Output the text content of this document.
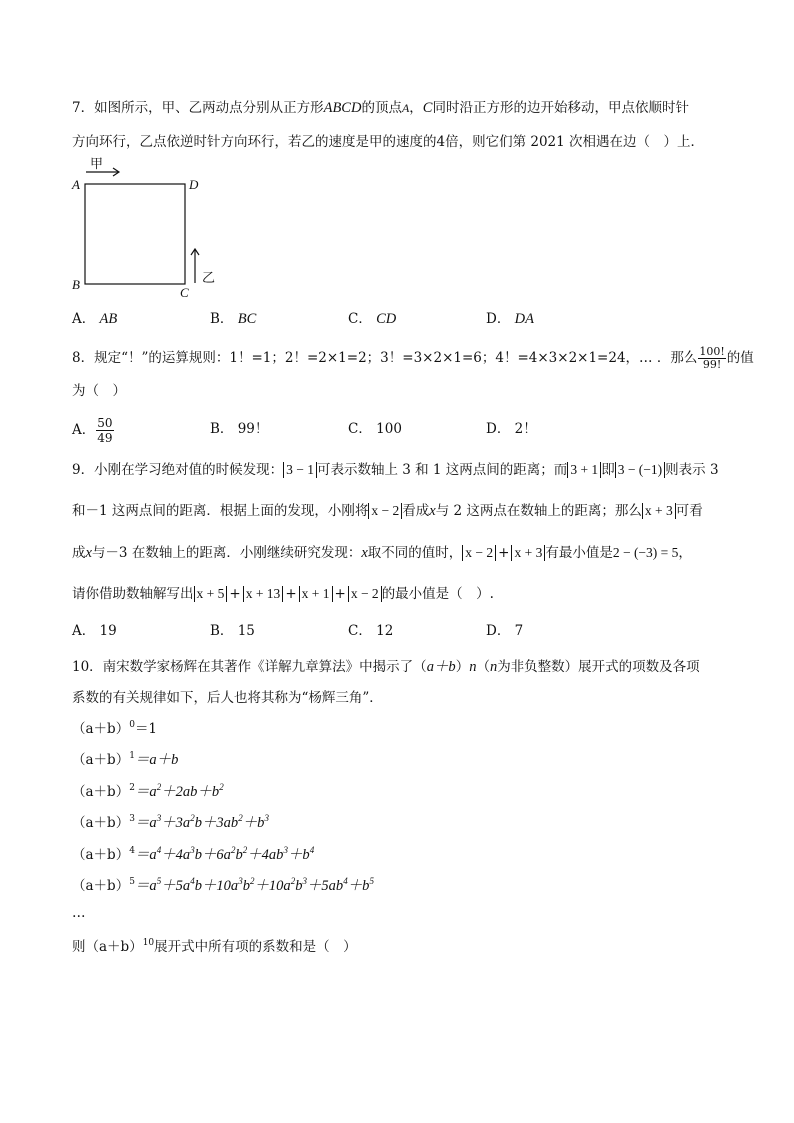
7．如图所示，甲、乙两动点分别从正方形ABCD的顶点A，C同时沿正方形的边开始移动，甲点依顺时针
方向环行，乙点依逆时针方向环行，若乙的速度是甲的速度的4倍，则它们第 2021 次相遇在边（　）上．
甲
乙
A	D
B
C
A． AB	B． BC	C． CD	D． DA
8．规定“！”的运算规则：1！=1；2！=2×1=2；3！=3×2×1=6；4！=4×3×2×1=24，… ．那么 $\frac{100!}{99!}$ 的值
为（　）
A． $\frac{50}{49}$	B． 99！	C． 100	D． 2！
9．小刚在学习绝对值的时候发现： 3 − 1 可表示数轴上 3 和 1 这两点间的距离；而 3 + 1 即 3 − (−1) 则表示 3
和－1 这两点间的距离．根据上面的发现，小刚将 x − 2 看成x与 2 这两点在数轴上的距离；那么 x + 3 可看
成x与－3 在数轴上的距离．小刚继续研究发现：x取不同的值时， x − 2 + x + 3 有最小值是2 − (−3) = 5，
请你借助数轴解写出 x + 5 + x + 13 + x + 1 + x − 2 的最小值是（　）.
A． 19	B． 15	C． 12	D． 7
10．南宋数学家杨辉在其著作《详解九章算法》中揭示了（a＋b）n（n为非负整数）展开式的项数及各项
系数的有关规律如下，后人也将其称为“杨辉三角”．
$(a+b)^0=1$
$(a+b)^1=a+b$
$(a+b)^2=a^2+2ab+b^2$
$(a+b)^3=a^3+3a^2b+3ab^2+b^3$
$(a+b)^4=a^4+4a^3b+6a^2b^2+4ab^3+b^4$
$(a+b)^5=a^5+5a^4b+10a^3b^2+10a^2b^3+5ab^4+b^5$
…
则$(a+b)^{10}$展开式中所有项的系数和是（　）
